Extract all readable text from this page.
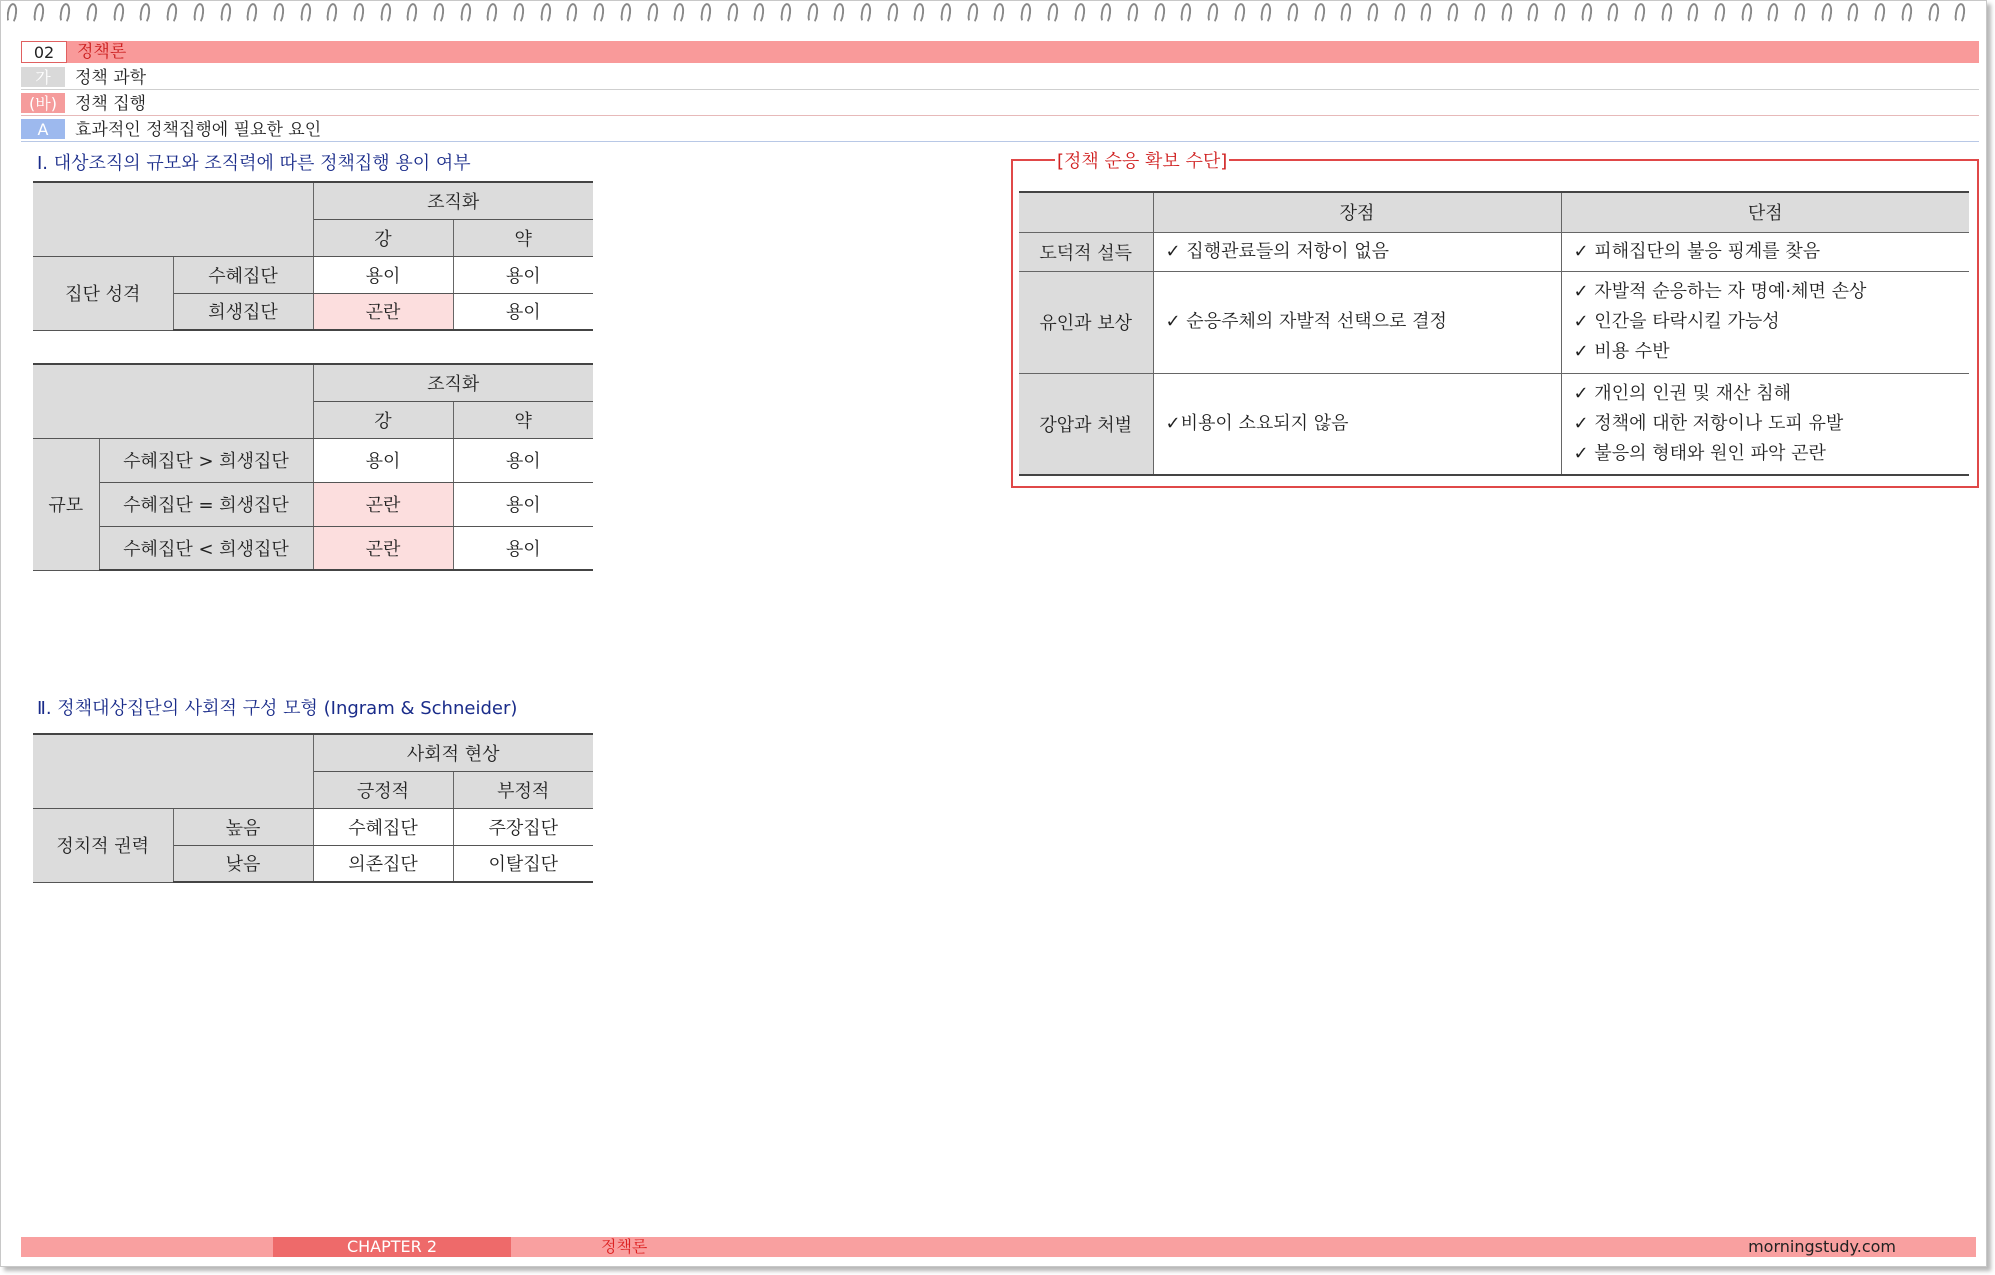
02	정책론
가	정책 과학
(바)	정책 집행
A	효과적인 정책집행에 필요한 요인
Ⅰ. 대상조직의 규모와 조직력에 따른 정책집행 용이 여부
		조직화	
		강	약
집단 성격	수혜집단	용이	용이
	희생집단	곤란	용이
		조직화	
		강	약
규모	수혜집단 > 희생집단	용이	용이
	수혜집단 = 희생집단	곤란	용이
	수혜집단 < 희생집단	곤란	용이
Ⅱ. 정책대상집단의 사회적 구성 모형 (Ingram & Schneider)
		사회적 현상	
		긍정적	부정적
정치적 권력	높음	수혜집단	주장집단
	낮음	의존집단	이탈집단
[정책 순응 확보 수단]
	장점	단점
도덕적 설득	✓ 집행관료들의 저항이 없음	✓ 피해집단의 불응 핑계를 찾음

유인과 보상	✓ 순응주체의 자발적 선택으로 결정	✓ 자발적 순응하는 자 명예·체면 손상
✓ 인간을 타락시킬 가능성
✓ 비용 수반

강압과 처벌	✓비용이 소요되지 않음	✓ 개인의 인권 및 재산 침해
✓ 정책에 대한 저항이나 도피 유발
✓ 불응의 형태와 원인 파악 곤란
CHAPTER 2	정책론	morningstudy.com
